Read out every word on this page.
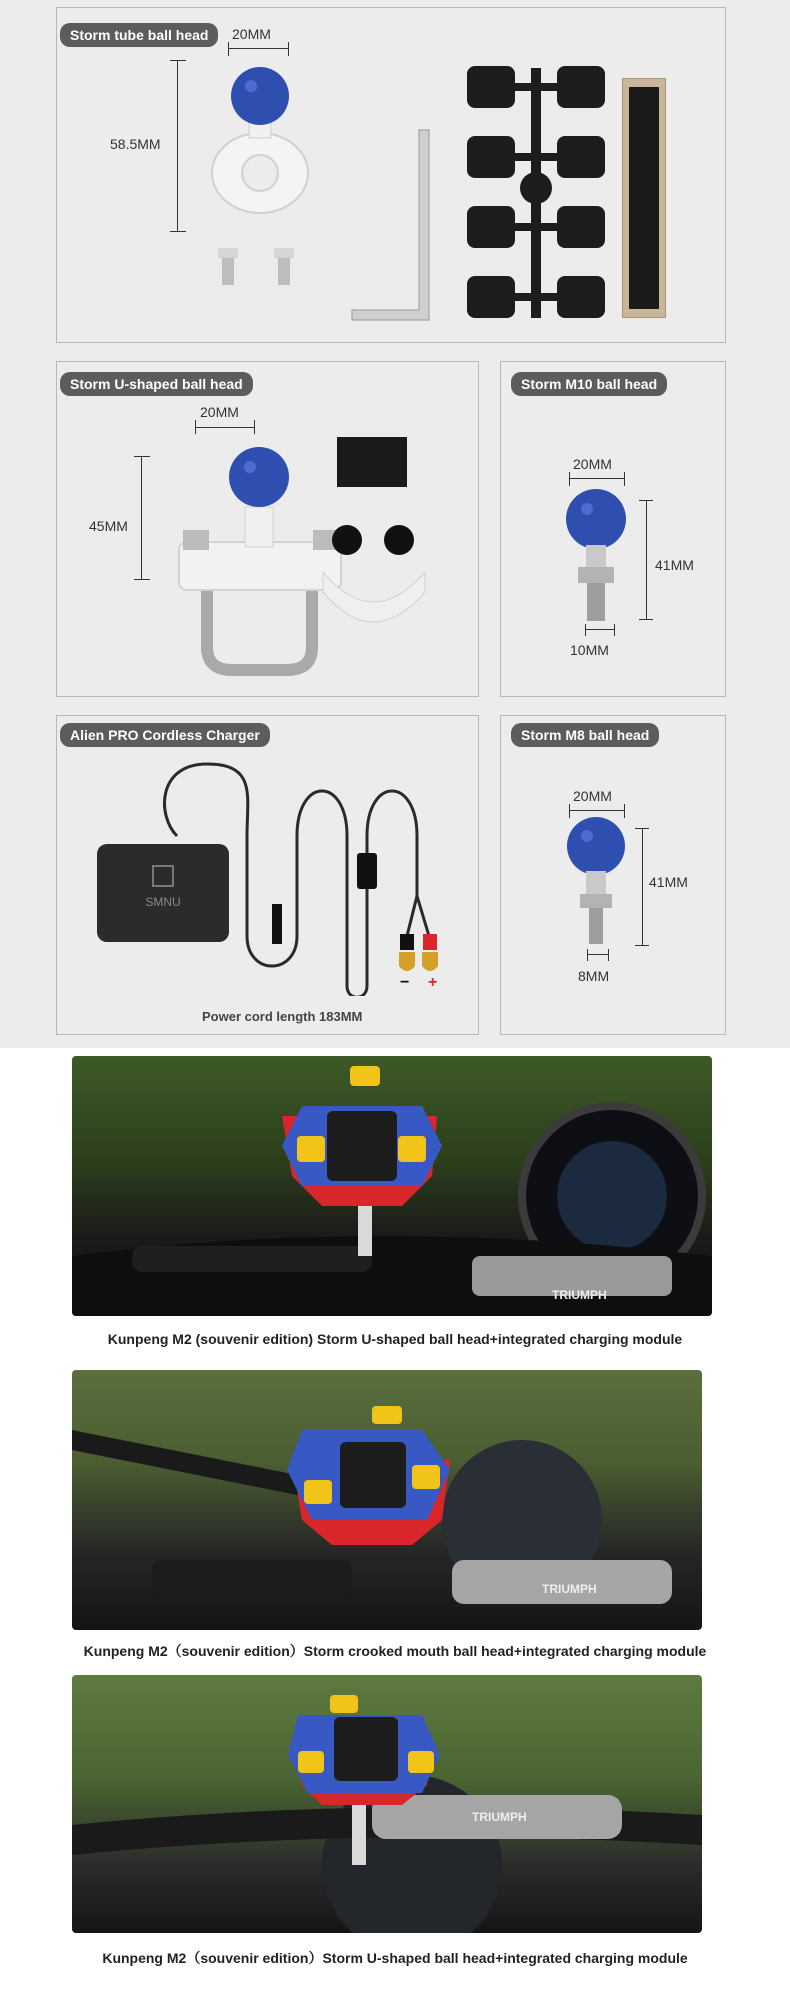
Storm tube ball head	20MM
58.5MM
Storm U-shaped ball head
20MM
45MM
Storm M10 ball head
20MM
41MM
10MM
Alien PRO Cordless Charger
SMNU
− +
Power cord length 183MM
Storm M8 ball head
20MM
41MM
8MM
TRIUMPH
Kunpeng M2 (souvenir edition) Storm U-shaped ball head+integrated charging module
TRIUMPH
Kunpeng M2（souvenir edition）Storm crooked mouth ball head+integrated charging module
TRIUMPH
Kunpeng M2（souvenir edition）Storm U-shaped ball head+integrated charging module
